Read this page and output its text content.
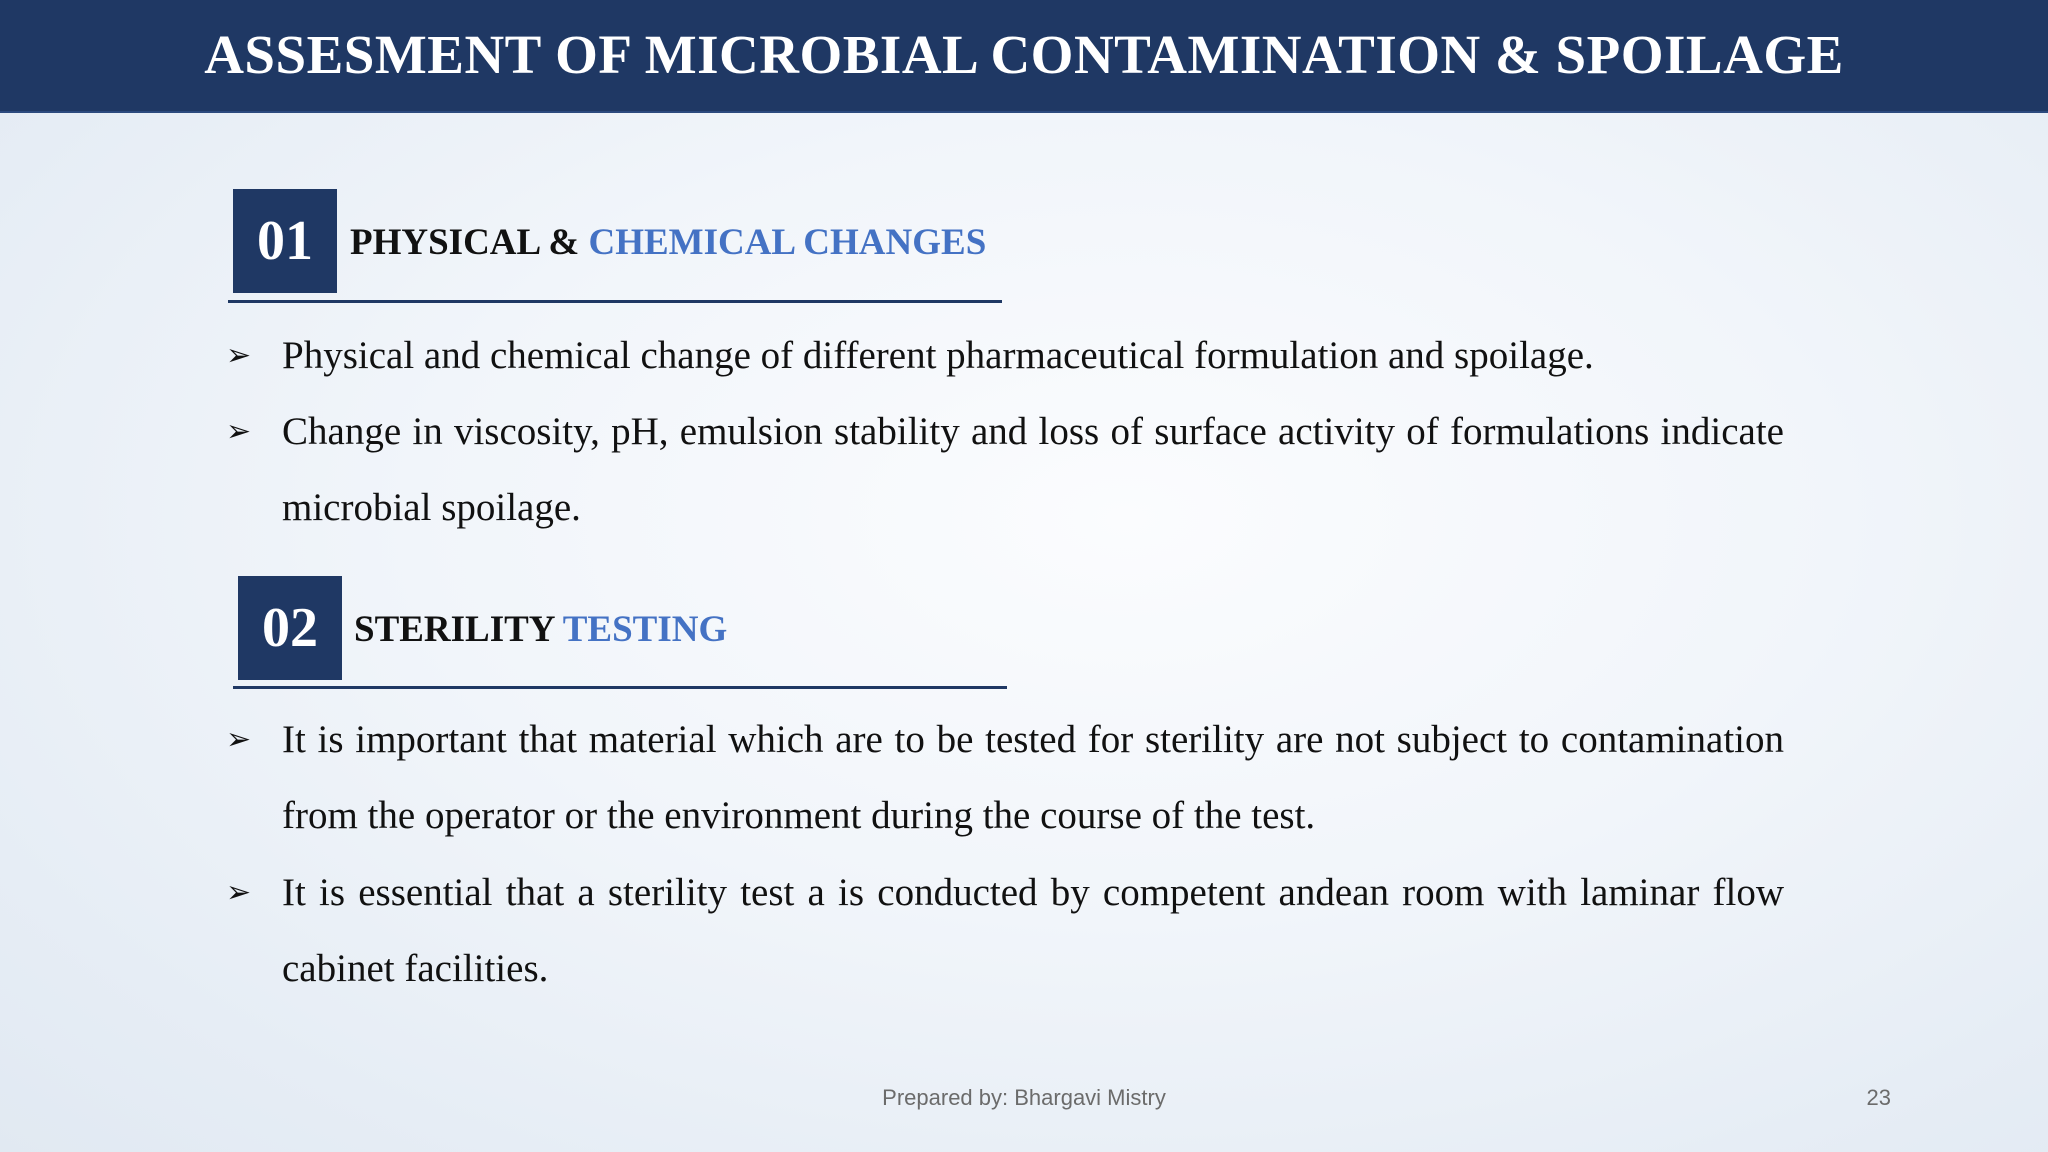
ASSESMENT OF MICROBIAL CONTAMINATION & SPOILAGE
01	PHYSICAL & CHEMICAL CHANGES
➢ Physical and chemical change of different pharmaceutical formulation and spoilage.
➢ Change in viscosity, pH, emulsion stability and loss of surface activity of formulations indicate microbial spoilage.
02 STERILITY TESTING
➢ It is important that material which are to be tested for sterility are not subject to contamination from the operator or the environment during the course of the test.
➢ It is essential that a sterility test a is conducted by competent andean room with laminar flow cabinet facilities.
Prepared by: Bhargavi Mistry	23
